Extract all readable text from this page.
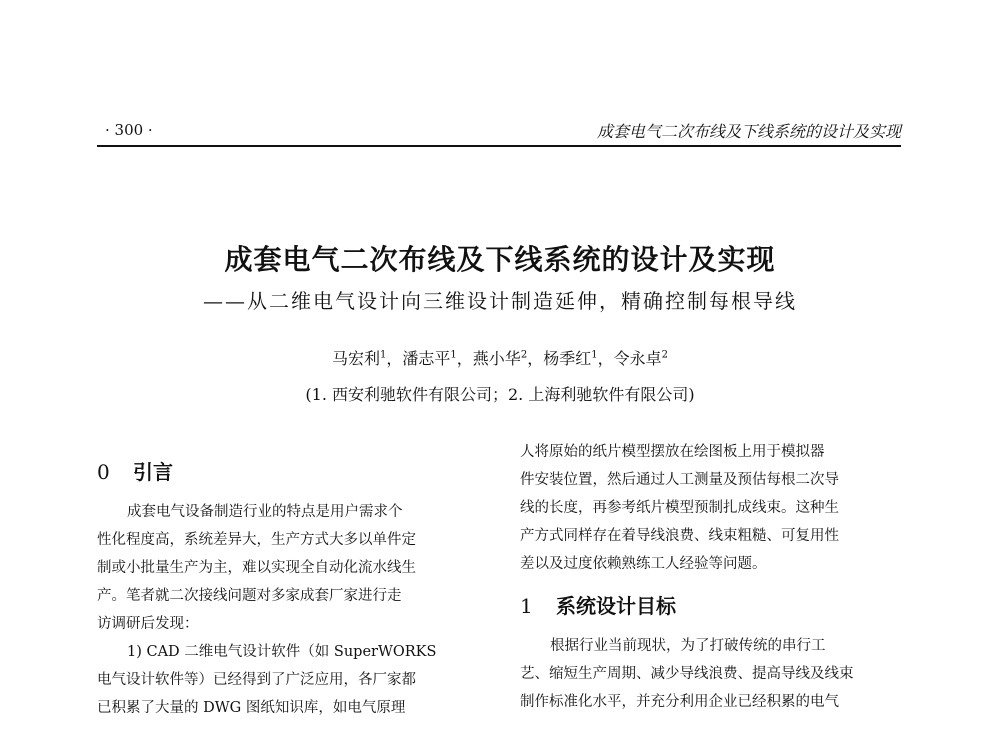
· 300 ·	成套电气二次布线及下线系统的设计及实现
成套电气二次布线及下线系统的设计及实现
——从二维电气设计向三维设计制造延伸，精确控制每根导线
马宏利$^1$，潘志平$^1$，燕小华$^2$，杨季红$^1$，令永卓$^2$
(1. 西安利驰软件有限公司；2. 上海利驰软件有限公司)
0 引言

成套电气设备制造行业的特点是用户需求个
性化程度高，系统差异大，生产方式大多以单件定
制或小批量生产为主，难以实现全自动化流水线生
产。笔者就二次接线问题对多家成套厂家进行走
访调研后发现：

1) CAD 二维电气设计软件（如 SuperWORKS
电气设计软件等）已经得到了广泛应用，各厂家都
已积累了大量的 DWG 图纸知识库，如电气原理

人将原始的纸片模型摆放在绘图板上用于模拟器
件安装位置，然后通过人工测量及预估每根二次导
线的长度，再参考纸片模型预制扎成线束。这种生
产方式同样存在着导线浪费、线束粗糙、可复用性
差以及过度依赖熟练工人经验等问题。

1 系统设计目标

根据行业当前现状，为了打破传统的串行工
艺、缩短生产周期、减少导线浪费、提高导线及线束
制作标准化水平，并充分利用企业已经积累的电气
